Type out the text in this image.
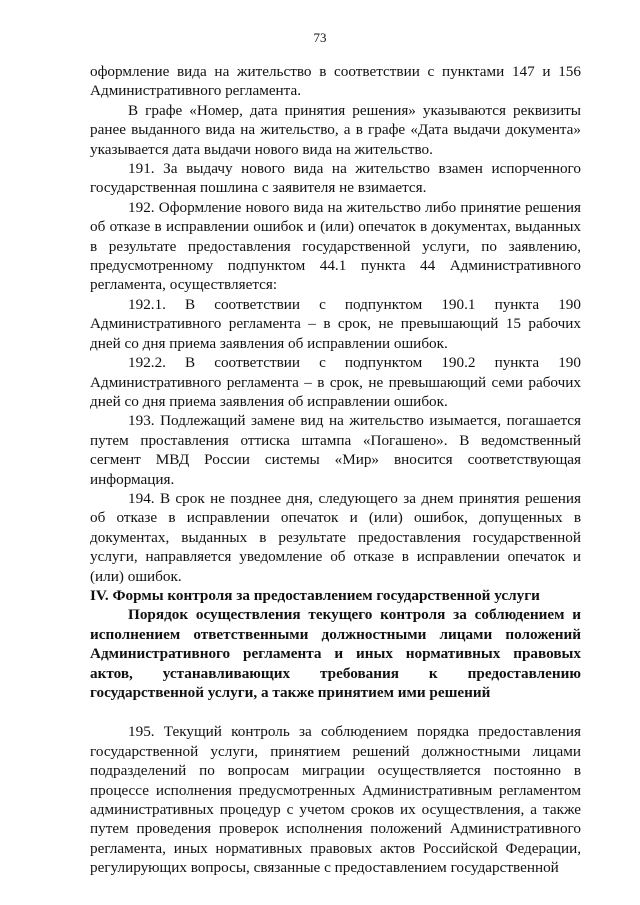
73

оформление вида на жительство в соответствии с пунктами 147 и 156 Административного регламента.

В графе «Номер, дата принятия решения» указываются реквизиты ранее выданного вида на жительство, а в графе «Дата выдачи документа» указывается дата выдачи нового вида на жительство.

191. За выдачу нового вида на жительство взамен испорченного государственная пошлина с заявителя не взимается.

192. Оформление нового вида на жительство либо принятие решения об отказе в исправлении ошибок и (или) опечаток в документах, выданных в результате предоставления государственной услуги, по заявлению, предусмотренному подпунктом 44.1 пункта 44 Административного регламента, осуществляется:

192.1. В соответствии с подпунктом 190.1 пункта 190 Административного регламента – в срок, не превышающий 15 рабочих дней со дня приема заявления об исправлении ошибок.

192.2. В соответствии с подпунктом 190.2 пункта 190 Административного регламента – в срок, не превышающий семи рабочих дней со дня приема заявления об исправлении ошибок.

193. Подлежащий замене вид на жительство изымается, погашается путем проставления оттиска штампа «Погашено». В ведомственный сегмент МВД России системы «Мир» вносится соответствующая информация.

194. В срок не позднее дня, следующего за днем принятия решения об отказе в исправлении опечаток и (или) ошибок, допущенных в документах, выданных в результате предоставления государственной услуги, направляется уведомление об отказе в исправлении опечаток и (или) ошибок.

IV. Формы контроля за предоставлением государственной услуги

Порядок осуществления текущего контроля за соблюдением и исполнением ответственными должностными лицами положений Административного регламента и иных нормативных правовых актов, устанавливающих требования к предоставлению государственной услуги, а также принятием ими решений

195. Текущий контроль за соблюдением порядка предоставления государственной услуги, принятием решений должностными лицами подразделений по вопросам миграции осуществляется постоянно в процессе исполнения предусмотренных Административным регламентом административных процедур с учетом сроков их осуществления, а также путем проведения проверок исполнения положений Административного регламента, иных нормативных правовых актов Российской Федерации, регулирующих вопросы, связанные с предоставлением государственной
